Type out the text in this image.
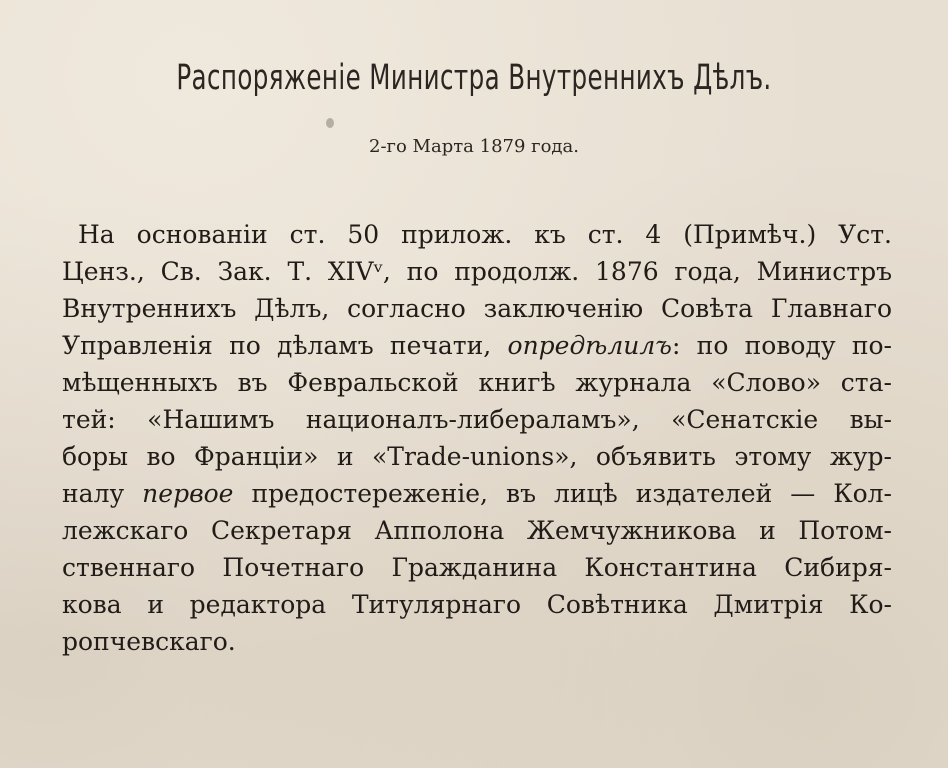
Распоряженіе Министра Внутреннихъ Дѣлъ.
2-го Марта 1879 года.
На основаніи ст. 50 прилож. къ ст. 4 (Примѣч.) Уст.
Ценз., Св. Зак. Т. XIVᵛ, по продолж. 1876 года, Министръ
Внутреннихъ Дѣлъ, согласно заключенію Совѣта Главнаго
Управленія по дѣламъ печати, опредѣлилъ: по поводу по-
мѣщенныхъ въ Февральской книгѣ журнала «Слово» ста-
тей: «Нашимъ националъ-либераламъ», «Сенатскіе вы-
боры во Франціи» и «Trade-unions», объявить этому жур-
налу первое предостереженіе, въ лицѣ издателей — Кол-
лежскаго Секретаря Апполона Жемчужникова и Потом-
ственнаго Почетнаго Гражданина Константина Сибиря-
кова и редактора Титулярнаго Совѣтника Дмитрія Ко-
ропчевскаго.
